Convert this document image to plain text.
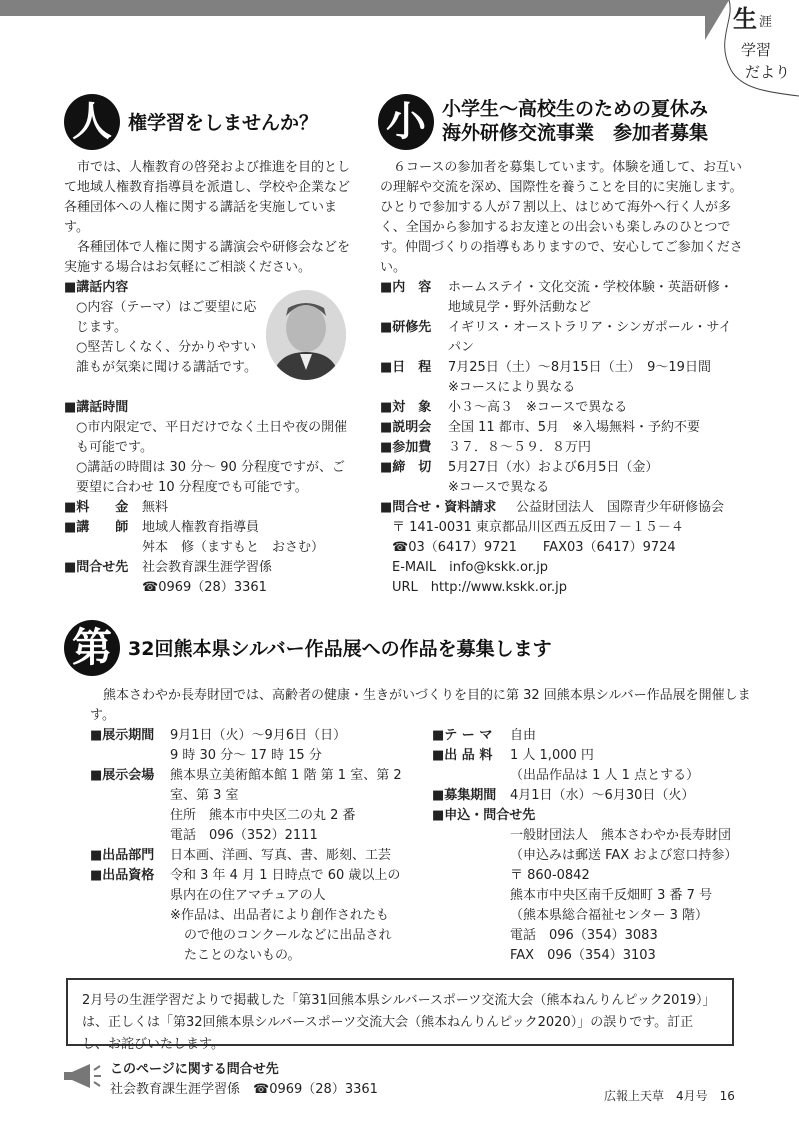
生 涯
学習
だより
人 権学習をしませんか？
市では、人権教育の啓発および推進を目的として地域人権教育指導員を派遣し、学校や企業など各種団体への人権に関する講話を実施しています。
各種団体で人権に関する講演会や研修会などを実施する場合はお気軽にご相談ください。
■講話内容
○内容（テーマ）はご要望に応じます。
○堅苦しくなく、分かりやすい誰もが気楽に聞ける講話です。
■講話時間
○市内限定で、平日だけでなく土日や夜の開催も可能です。
○講話の時間は 30 分～ 90 分程度ですが、ご要望に合わせ 10 分程度でも可能です。
■料　　金 無料
■講　　師 地域人権教育指導員
舛本　修（ますもと　おさむ）
■問合せ先 社会教育課生涯学習係
☎0969（28）3361
小 小学生～高校生のための夏休み
海外研修交流事業　参加者募集
６コースの参加者を募集しています。体験を通して、お互いの理解や交流を深め、国際性を養うことを目的に実施します。ひとりで参加する人が７割以上、はじめて海外へ行く人が多く、全国から参加するお友達との出会いも楽しみのひとつです。仲間づくりの指導もありますので、安心してご参加ください。
■内　容 ホームステイ・文化交流・学校体験・英語研修・
地域見学・野外活動など
■研修先 イギリス・オーストラリア・シンガポール・サイ
パン
■日　程 7月25日（土）～8月15日（土）　9～19日間
※コースにより異なる
■対　象 小３～高３　※コースで異なる
■説明会 全国 11 都市、5月　※入場無料・予約不要
■参加費 ３７．８～５９．８万円
■締　切 5月27日（水）および6月5日（金）
※コースで異なる
■問合せ・資料請求 公益財団法人　国際青少年研修協会
〒 141-0031 東京都品川区西五反田７－１５－４
☎03（6417）9721　　FAX03（6417）9724
E-MAIL　info@kskk.or.jp
URL　http://www.kskk.or.jp
第 32回熊本県シルバー作品展への作品を募集します
熊本さわやか長寿財団では、高齢者の健康・生きがいづくりを目的に第 32 回熊本県シルバー作品展を開催します。
■展示期間 9月1日（火）～9月6日（日）
9 時 30 分～ 17 時 15 分
■展示会場 熊本県立美術館本館 1 階 第 1 室、第 2
室、第 3 室
住所　熊本市中央区二の丸 2 番
電話　096（352）2111
■出品部門 日本画、洋画、写真、書、彫刻、工芸
■出品資格 令和 3 年 4 月 1 日時点で 60 歳以上の
県内在の住アマチュアの人
※作品は、出品者により創作されたも
ので他のコンクールなどに出品され
たことのないもの。
■テ ー マ 自由
■出 品 料 1 人 1,000 円
（出品作品は 1 人 1 点とする）
■募集期間 4月1日（水）～6月30日（火）
■申込・問合せ先
一般財団法人　熊本さわやか長寿財団
（申込みは郵送 FAX および窓口持参）
〒 860-0842
熊本市中央区南千反畑町 3 番 7 号
（熊本県総合福祉センター 3 階）
電話　096（354）3083
FAX　096（354）3103
2月号の生涯学習だよりで掲載した「第31回熊本県シルバースポーツ交流大会（熊本ねんりんピック2019）」は、正しくは「第32回熊本県シルバースポーツ交流大会（熊本ねんりんピック2020）」の誤りです。訂正し、お詫びいたします。
このページに関する問合せ先
社会教育課生涯学習係　☎0969（28）3361	広報上天草　4月号　16
